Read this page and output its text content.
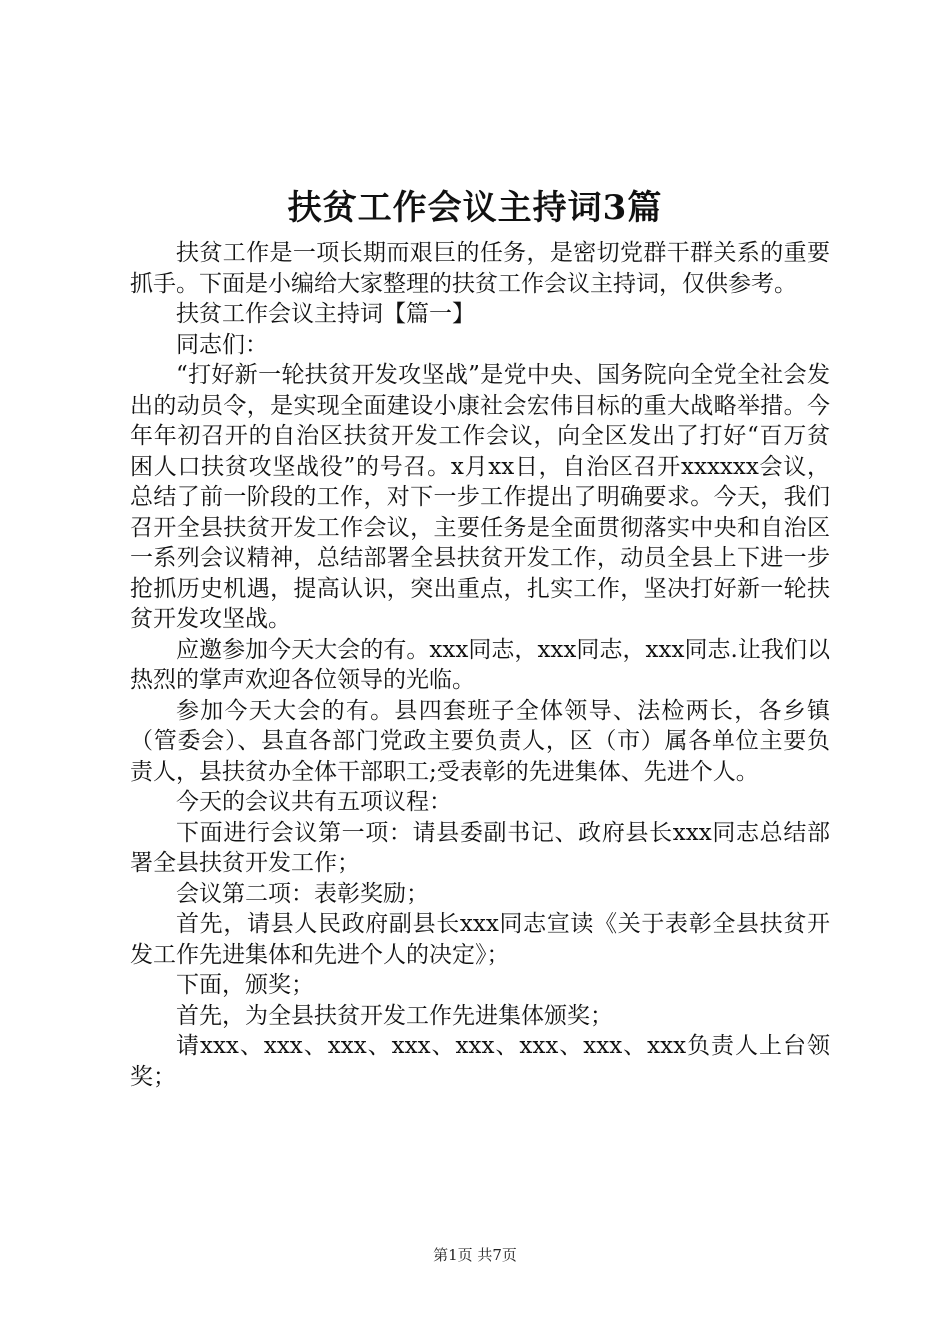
扶贫工作会议主持词3篇

扶贫工作是一项长期而艰巨的任务，是密切党群干群关系的重要抓手。下面是小编给大家整理的扶贫工作会议主持词，仅供参考。

扶贫工作会议主持词【篇一】

同志们：

“打好新一轮扶贫开发攻坚战”是党中央、国务院向全党全社会发出的动员令，是实现全面建设小康社会宏伟目标的重大战略举措。今年年初召开的自治区扶贫开发工作会议，向全区发出了打好“百万贫困人口扶贫攻坚战役”的号召。x月xx日，自治区召开xxxxxx会议，总结了前一阶段的工作，对下一步工作提出了明确要求。今天，我们召开全县扶贫开发工作会议，主要任务是全面贯彻落实中央和自治区一系列会议精神，总结部署全县扶贫开发工作，动员全县上下进一步抢抓历史机遇，提高认识，突出重点，扎实工作，坚决打好新一轮扶贫开发攻坚战。

应邀参加今天大会的有。xxx同志，xxx同志，xxx同志.让我们以热烈的掌声欢迎各位领导的光临。

参加今天大会的有。县四套班子全体领导、法检两长，各乡镇（管委会）、县直各部门党政主要负责人，区（市）属各单位主要负责人，县扶贫办全体干部职工;受表彰的先进集体、先进个人。

今天的会议共有五项议程：

下面进行会议第一项：请县委副书记、政府县长xxx同志总结部署全县扶贫开发工作；

会议第二项：表彰奖励；

首先，请县人民政府副县长xxx同志宣读《关于表彰全县扶贫开发工作先进集体和先进个人的决定》；

下面，颁奖；

首先，为全县扶贫开发工作先进集体颁奖；

请xxx、xxx、xxx、xxx、xxx、xxx、xxx、xxx负责人上台领奖；

第1页 共7页
